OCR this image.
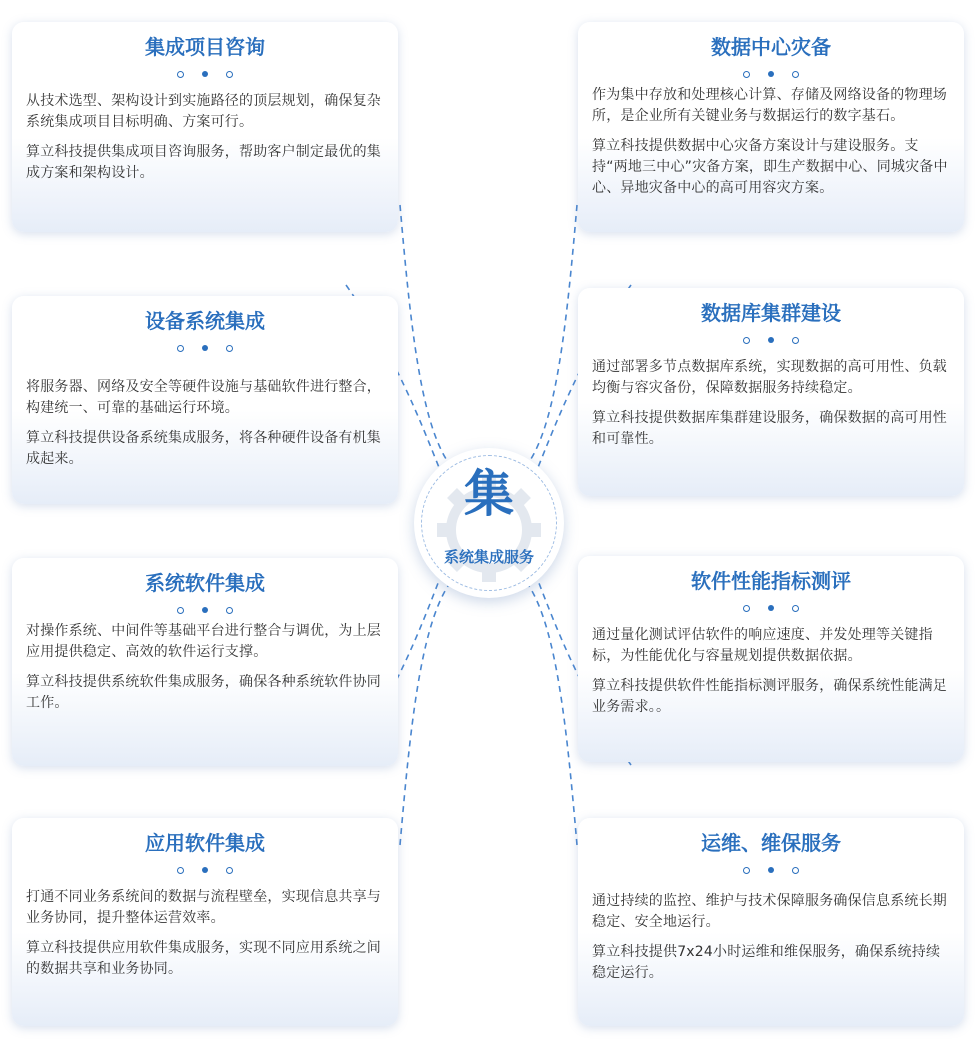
集
系统集成服务
集成项目咨询

从技术选型、架构设计到实施路径的顶层规划，确保复杂系统集成项目目标明确、方案可行。

算立科技提供集成项目咨询服务，帮助客户制定最优的集成方案和架构设计。

数据中心灾备

作为集中存放和处理核心计算、存储及网络设备的物理场所，是企业所有关键业务与数据运行的数字基石。

算立科技提供数据中心灾备方案设计与建设服务。支持“两地三中心”灾备方案，即生产数据中心、同城灾备中心、异地灾备中心的高可用容灾方案。

设备系统集成

将服务器、网络及安全等硬件设施与基础软件进行整合，构建统一、可靠的基础运行环境。

算立科技提供设备系统集成服务，将各种硬件设备有机集成起来。

数据库集群建设

通过部署多节点数据库系统，实现数据的高可用性、负载均衡与容灾备份，保障数据服务持续稳定。

算立科技提供数据库集群建设服务，确保数据的高可用性和可靠性。

系统软件集成

对操作系统、中间件等基础平台进行整合与调优，为上层应用提供稳定、高效的软件运行支撑。

算立科技提供系统软件集成服务，确保各种系统软件协同工作。

软件性能指标测评

通过量化测试评估软件的响应速度、并发处理等关键指标，为性能优化与容量规划提供数据依据。

算立科技提供软件性能指标测评服务，确保系统性能满足业务需求。。

应用软件集成

打通不同业务系统间的数据与流程壁垒，实现信息共享与业务协同，提升整体运营效率。

算立科技提供应用软件集成服务，实现不同应用系统之间的数据共享和业务协同。

运维、维保服务

通过持续的监控、维护与技术保障服务确保信息系统长期稳定、安全地运行。

算立科技提供7x24小时运维和维保服务，确保系统持续稳定运行。
